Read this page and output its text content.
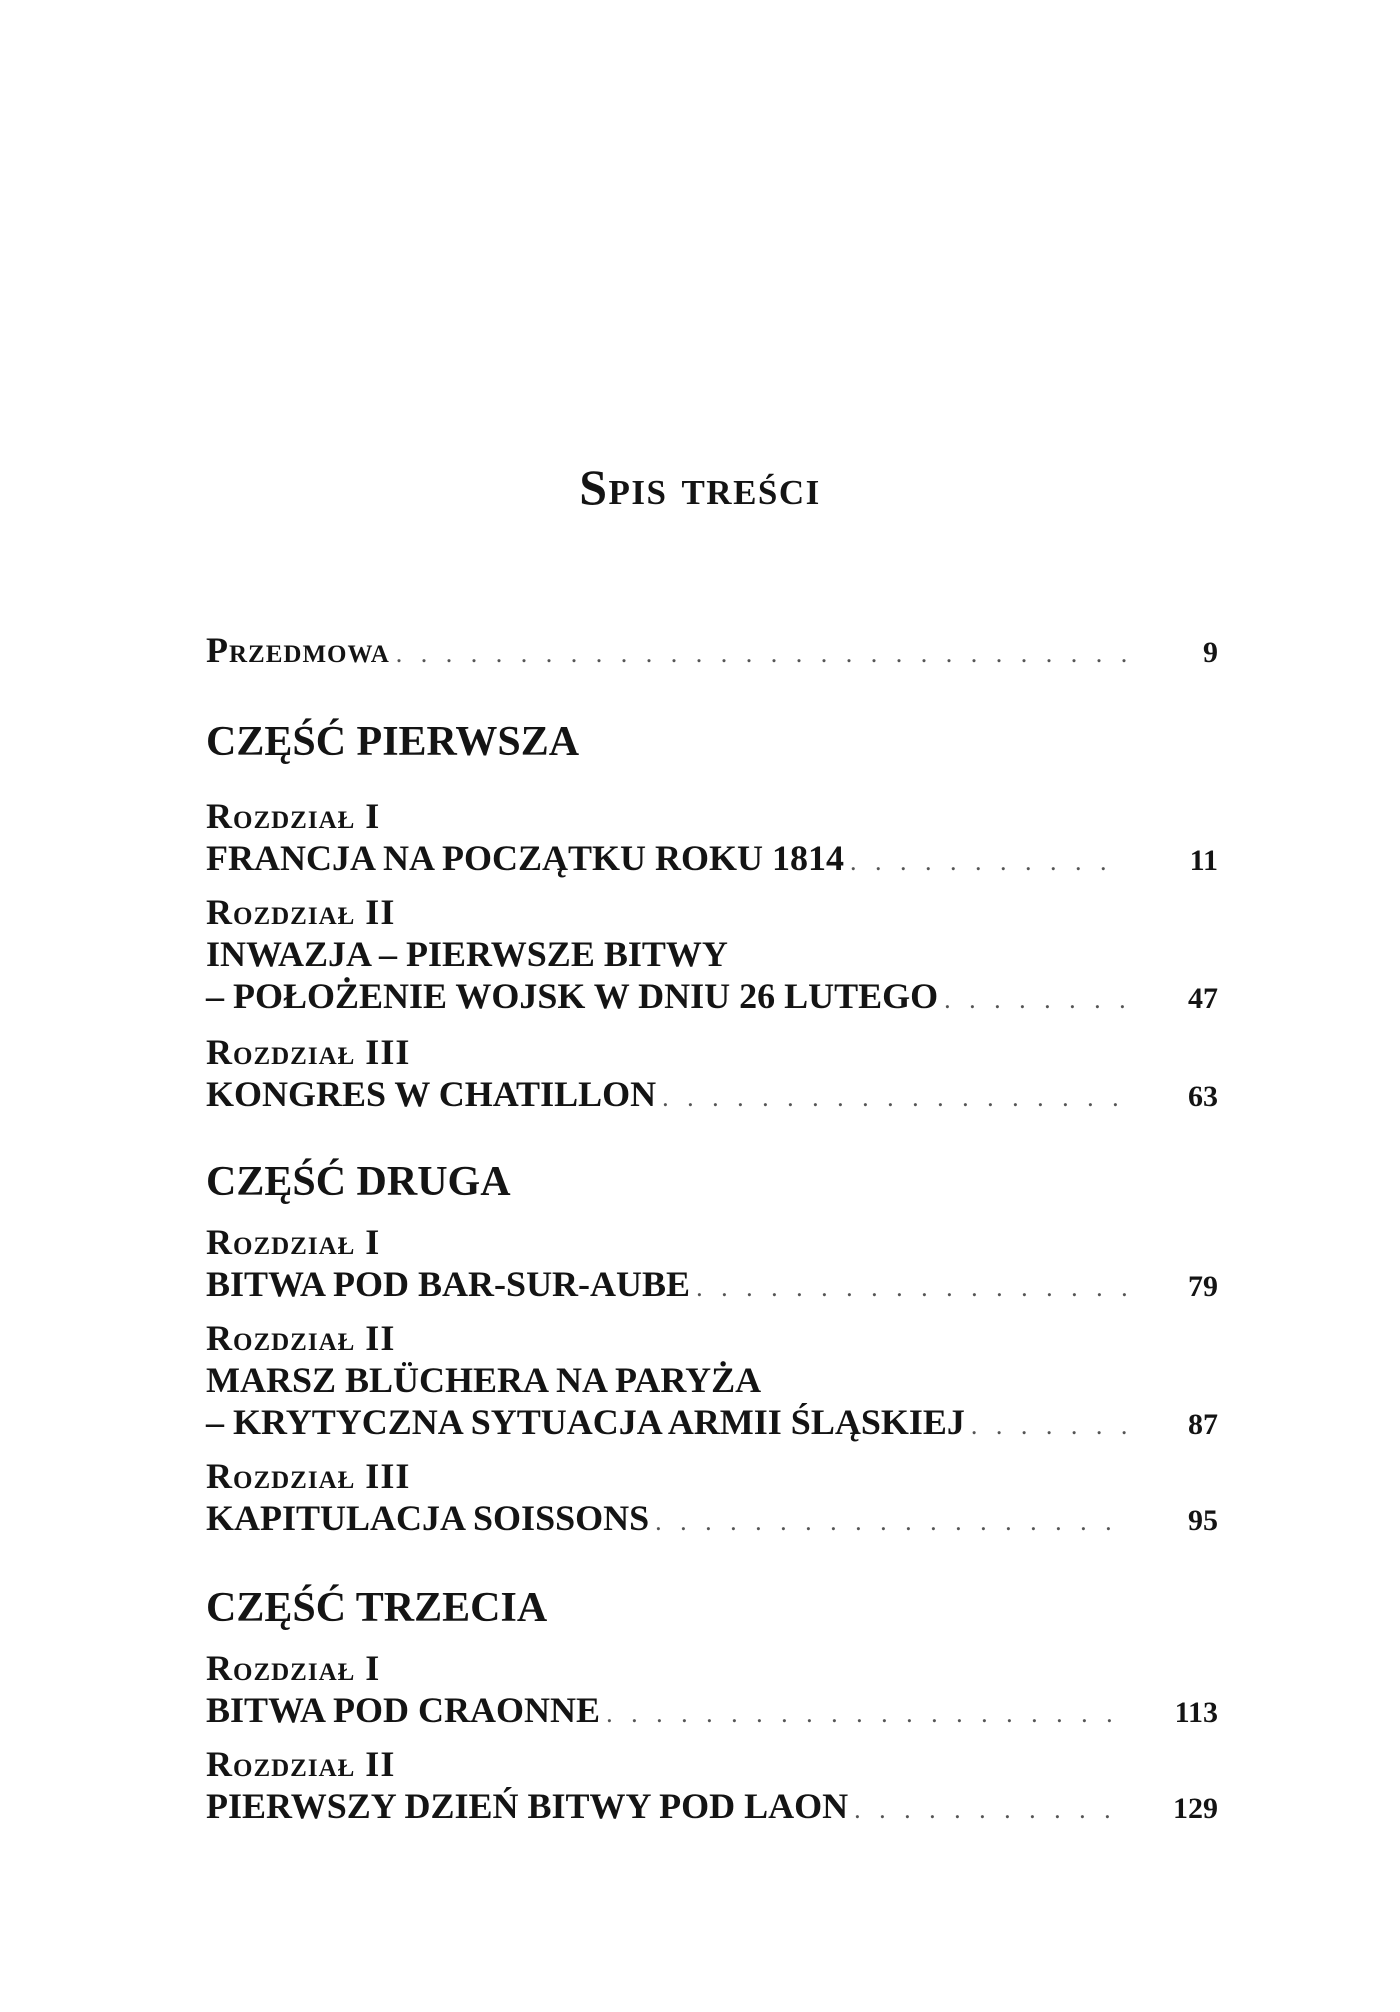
Spis treści
Przedmowa . . .	9
CZĘŚĆ PIERWSZA
Rozdział I
FRANCJA NA POCZĄTKU ROKU 1814 . . .	11
Rozdział II
INWAZJA – PIERWSZE BITWY
– POŁOŻENIE WOJSK W DNIU 26 LUTEGO . . .	47
Rozdział III
KONGRES W CHATILLON . . .	63
CZĘŚĆ DRUGA
Rozdział I
BITWA POD BAR-SUR-AUBE . . .	79
Rozdział II
MARSZ BLÜCHERA NA PARYŻA
– KRYTYCZNA SYTUACJA ARMII ŚLĄSKIEJ . . .	87
Rozdział III
KAPITULACJA SOISSONS . . .	95
CZĘŚĆ TRZECIA
Rozdział I
BITWA POD CRAONNE . . .	113
Rozdział II
PIERWSZY DZIEŃ BITWY POD LAON . . .	129
